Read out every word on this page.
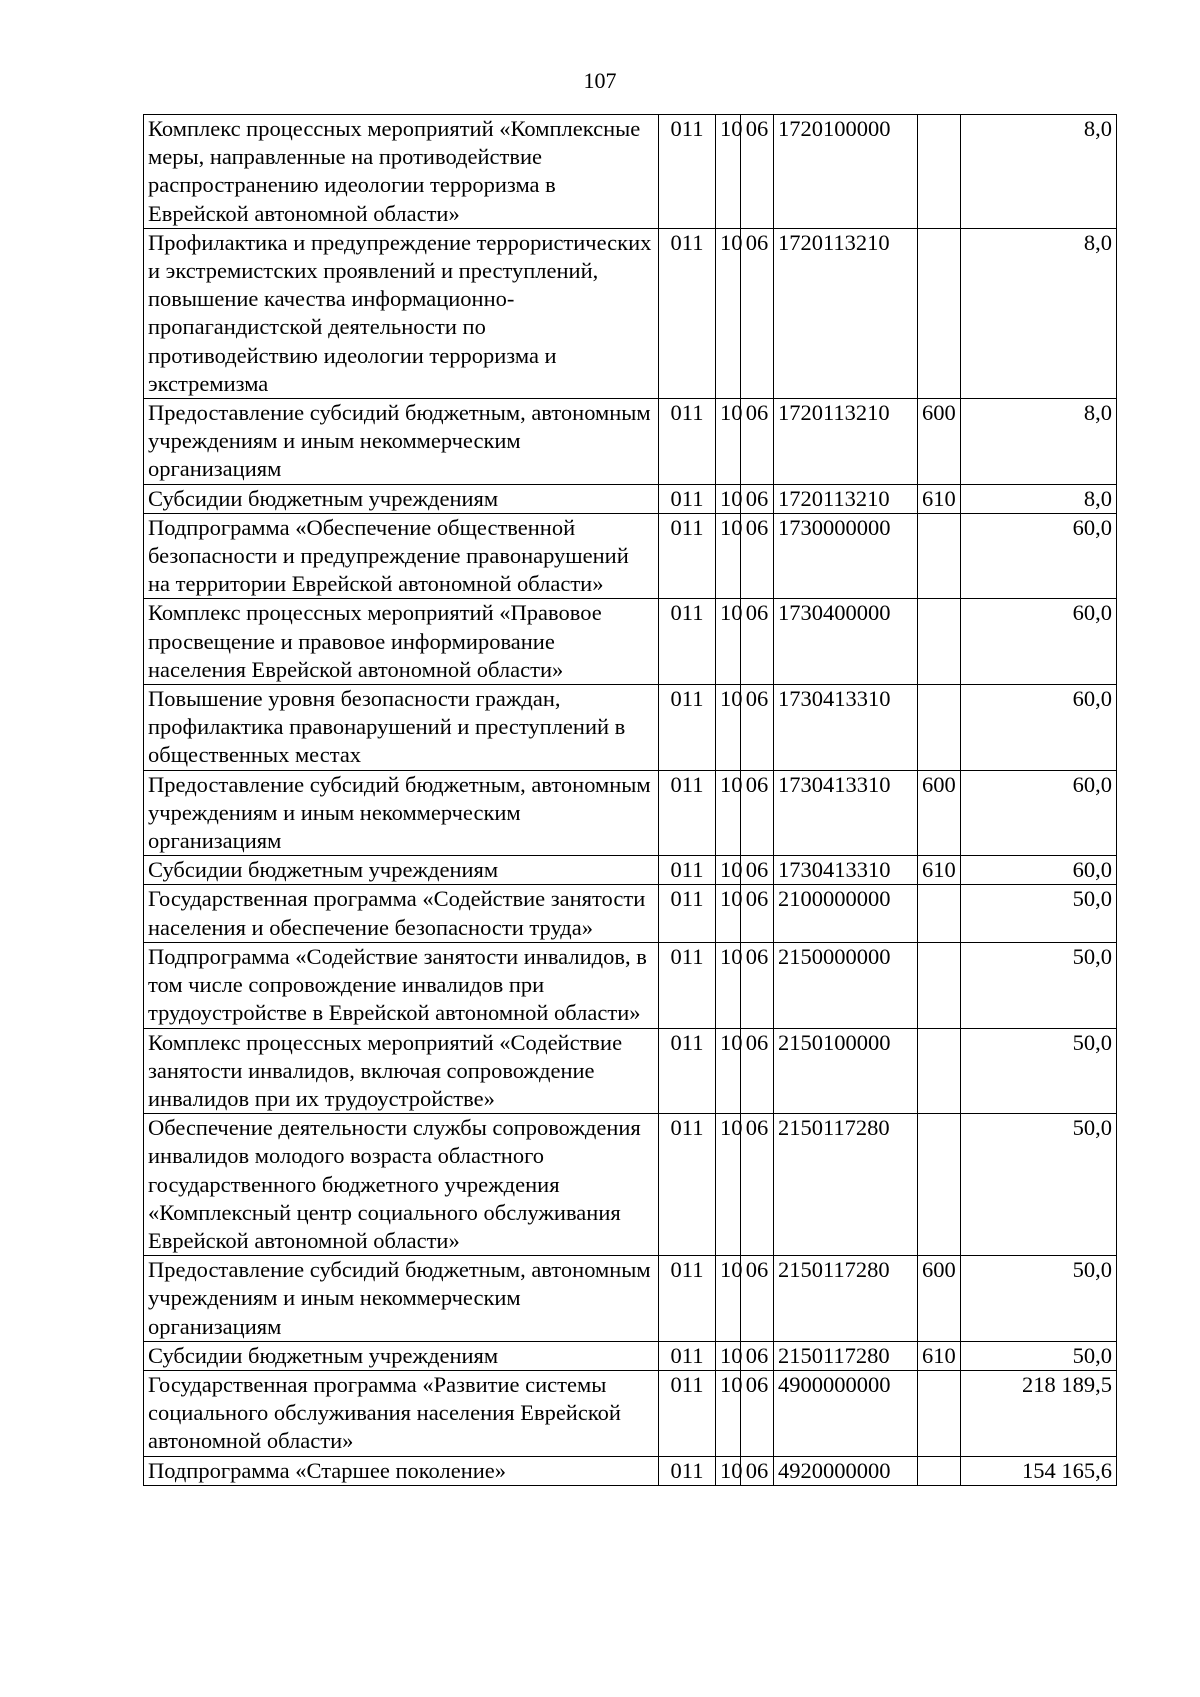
107
Комплекс процессных мероприятий «Комплексные меры, направленные на противодействие распространению идеологии терроризма в Еврейской автономной области»	011	10	06	1720100000		8,0
Профилактика и предупреждение террористических и экстремистских проявлений и преступлений, повышение качества информационно-пропагандистской деятельности по противодействию идеологии терроризма и экстремизма	011	10	06	1720113210		8,0
Предоставление субсидий бюджетным, автономным учреждениям и иным некоммерческим организациям	011	10	06	1720113210	600	8,0
Субсидии бюджетным учреждениям	011	10	06	1720113210	610	8,0
Подпрограмма «Обеспечение общественной безопасности и предупреждение правонарушений на территории Еврейской автономной области»	011	10	06	1730000000		60,0
Комплекс процессных мероприятий «Правовое просвещение и правовое информирование населения Еврейской автономной области»	011	10	06	1730400000		60,0
Повышение уровня безопасности граждан, профилактика правонарушений и преступлений в общественных местах	011	10	06	1730413310		60,0
Предоставление субсидий бюджетным, автономным учреждениям и иным некоммерческим организациям	011	10	06	1730413310	600	60,0
Субсидии бюджетным учреждениям	011	10	06	1730413310	610	60,0
Государственная программа «Содействие занятости населения и обеспечение безопасности труда»	011	10	06	2100000000		50,0
Подпрограмма «Содействие занятости инвалидов, в том числе сопровождение инвалидов при трудоустройстве в Еврейской автономной области»	011	10	06	2150000000		50,0
Комплекс процессных мероприятий «Содействие занятости инвалидов, включая сопровождение инвалидов при их трудоустройстве»	011	10	06	2150100000		50,0
Обеспечение деятельности службы сопровождения инвалидов молодого возраста областного государственного бюджетного учреждения «Комплексный центр социального обслуживания Еврейской автономной области»	011	10	06	2150117280		50,0
Предоставление субсидий бюджетным, автономным учреждениям и иным некоммерческим организациям	011	10	06	2150117280	600	50,0
Субсидии бюджетным учреждениям	011	10	06	2150117280	610	50,0
Государственная программа «Развитие системы социального обслуживания населения Еврейской автономной области»	011	10	06	4900000000		218 189,5
Подпрограмма «Старшее поколение»	011	10	06	4920000000		154 165,6
